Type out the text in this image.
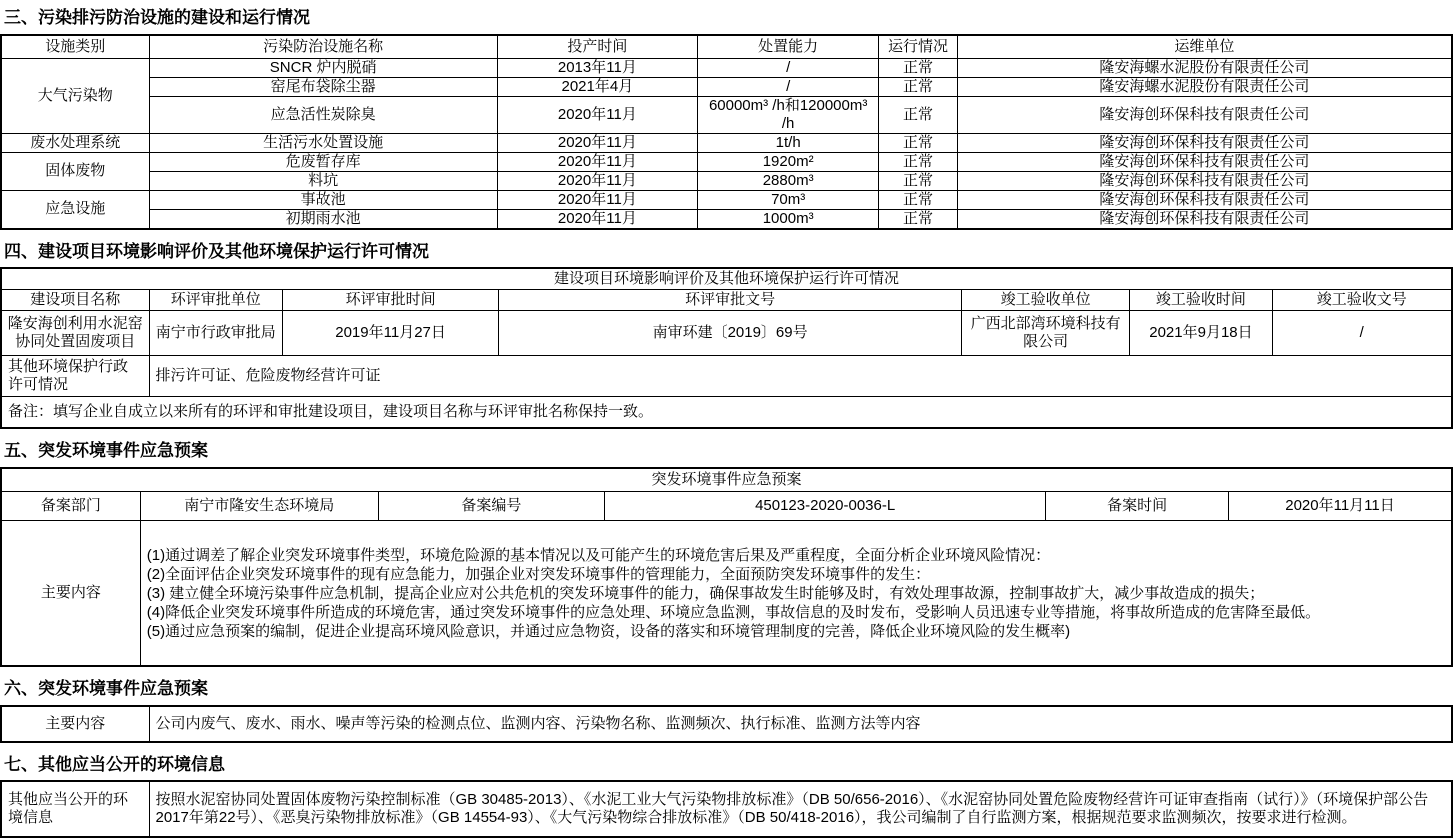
三、污染排污防治设施的建设和运行情况
设施类别	污染防治设施名称	投产时间	处置能力	运行情况	运维单位
大气污染物	SNCR 炉内脱硝	2013年11月	/	正常	隆安海螺水泥股份有限责任公司
	窑尾布袋除尘器	2021年4月	/	正常	隆安海螺水泥股份有限责任公司
	应急活性炭除臭	2020年11月	60000m³ /h和120000m³ /h	正常	隆安海创环保科技有限责任公司
废水处理系统	生活污水处置设施	2020年11月	1t/h	正常	隆安海创环保科技有限责任公司
固体废物	危废暂存库	2020年11月	1920m²	正常	隆安海创环保科技有限责任公司
	料坑	2020年11月	2880m³	正常	隆安海创环保科技有限责任公司
应急设施	事故池	2020年11月	70m³	正常	隆安海创环保科技有限责任公司
	初期雨水池	2020年11月	1000m³	正常	隆安海创环保科技有限责任公司
四、建设项目环境影响评价及其他环境保护运行许可情况
建设项目环境影响评价及其他环境保护运行许可情况						
建设项目名称	环评审批单位	环评审批时间	环评审批文号	竣工验收单位	竣工验收时间	竣工验收文号
隆安海创利用水泥窑协同处置固废项目	南宁市行政审批局	2019年11月27日	南审环建〔2019〕69号	广西北部湾环境科技有限公司	2021年9月18日	/
其他环境保护行政许可情况	排污许可证、危险废物经营许可证					
备注：填写企业自成立以来所有的环评和审批建设项目，建设项目名称与环评审批名称保持一致。						
五、突发环境事件应急预案
突发环境事件应急预案					
备案部门	南宁市隆安生态环境局	备案编号	450123-2020-0036-L	备案时间	2020年11月11日
主要内容	(1)通过调差了解企业突发环境事件类型，环境危险源的基本情况以及可能产生的环境危害后果及严重程度，全面分析企业环境风险情况：
(2)全面评估企业突发环境事件的现有应急能力，加强企业对突发环境事件的管理能力，全面预防突发环境事件的发生：
(3) 建立健全环境污染事件应急机制，提高企业应对公共危机的突发环境事件的能力，确保事故发生时能够及时，有效处理事故源，控制事故扩大，减少事故造成的损失；
(4)降低企业突发环境事件所造成的环境危害，通过突发环境事件的应急处理、环境应急监测，事故信息的及时发布，受影响人员迅速专业等措施，将事故所造成的危害降至最低。
(5)通过应急预案的编制，促进企业提高环境风险意识，并通过应急物资，设备的落实和环境管理制度的完善，降低企业环境风险的发生概率)				
六、突发环境事件应急预案
主要内容	公司内废气、废水、雨水、噪声等污染的检测点位、监测内容、污染物名称、监测频次、执行标准、监测方法等内容
七、其他应当公开的环境信息
其他应当公开的环境信息	按照水泥窑协同处置固体废物污染控制标准（GB 30485-2013）、《水泥工业大气污染物排放标准》（DB 50/656-2016）、《水泥窑协同处置危险废物经营许可证审查指南（试行）》（环境保护部公告2017年第22号）、《恶臭污染物排放标准》（GB 14554-93）、《大气污染物综合排放标准》（DB 50/418-2016），我公司编制了自行监测方案，根据规范要求监测频次，按要求进行检测。
